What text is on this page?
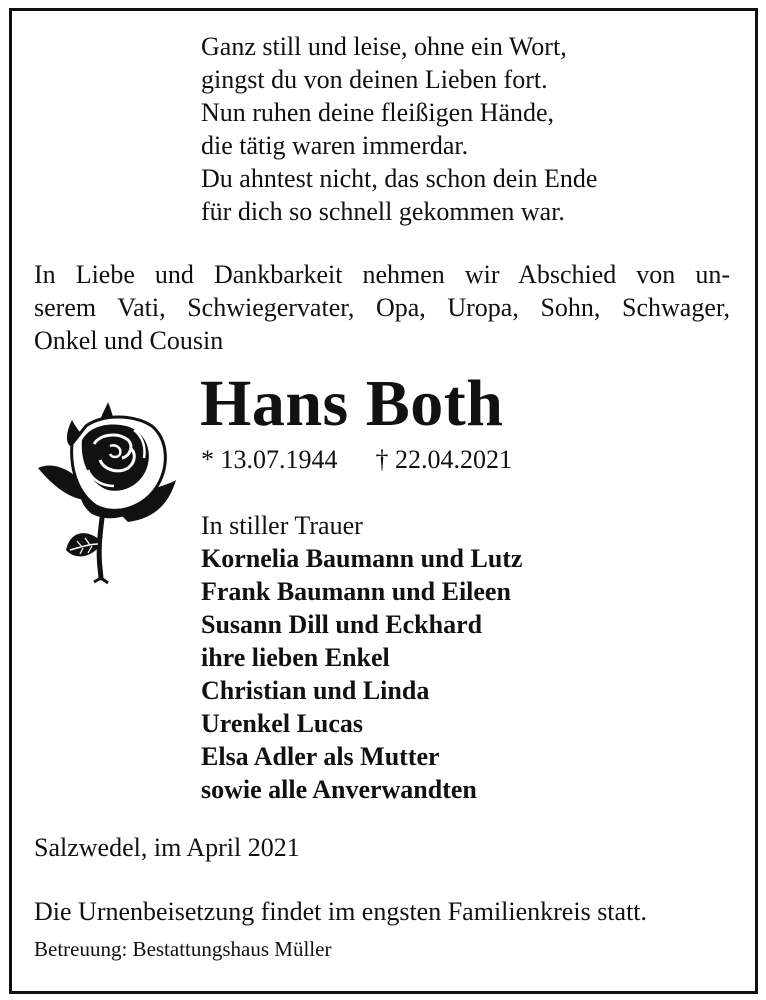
Ganz still und leise, ohne ein Wort,
gingst du von deinen Lieben fort.
Nun ruhen deine fleißigen Hände,
die tätig waren immerdar.
Du ahntest nicht, das schon dein Ende
für dich so schnell gekommen war.
In Liebe und Dankbarkeit nehmen wir Abschied von un-
serem Vati, Schwiegervater, Opa, Uropa, Sohn, Schwager,
Onkel und Cousin
Hans Both
* 13.07.1944 † 22.04.2021
In stiller Trauer
Kornelia Baumann und Lutz
Frank Baumann und Eileen
Susann Dill und Eckhard
ihre lieben Enkel
Christian und Linda
Urenkel Lucas
Elsa Adler als Mutter
sowie alle Anverwandten
Salzwedel, im April 2021
Die Urnenbeisetzung findet im engsten Familienkreis statt.
Betreuung: Bestattungshaus Müller
